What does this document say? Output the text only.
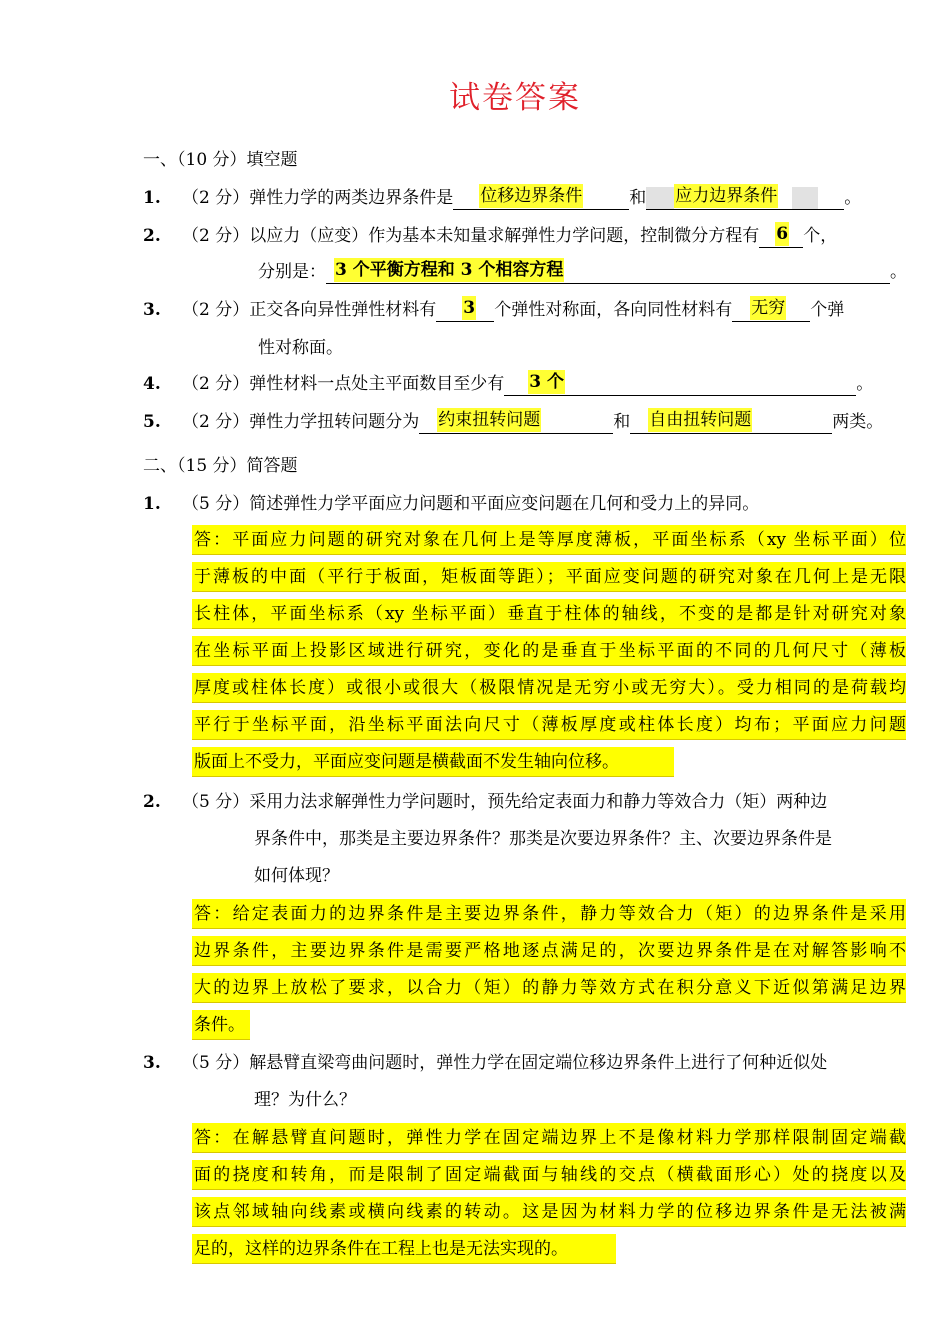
试卷答案
一、（10 分）填空题
1. （2 分）弹性力学的两类边界条件是 位移边界条件	和 应力边界条件	。
2. （2 分）以应力（应变）作为基本未知量求解弹性力学问题，控制微分方程有 6 个，
分别是： 3 个平衡方程和 3 个相容方程	。
3. （2 分）正交各向异性弹性材料有 3 个弹性对称面，各向同性材料有 无穷 个弹
性对称面。
4. （2 分）弹性材料一点处主平面数目至少有 3 个	。
5. （2 分）弹性力学扭转问题分为 约束扭转问题	和 自由扭转问题	两类。
二、（15 分）简答题
1. （5 分）简述弹性力学平面应力问题和平面应变问题在几何和受力上的异同。
答：平面应力问题的研究对象在几何上是等厚度薄板，平面坐标系（xy 坐标平面）位
于薄板的中面（平行于板面，矩板面等距）；平面应变问题的研究对象在几何上是无限
长柱体，平面坐标系（xy 坐标平面）垂直于柱体的轴线，不变的是都是针对研究对象
在坐标平面上投影区域进行研究，变化的是垂直于坐标平面的不同的几何尺寸（薄板
厚度或柱体长度）或很小或很大（极限情况是无穷小或无穷大）。受力相同的是荷载均
平行于坐标平面，沿坐标平面法向尺寸（薄板厚度或柱体长度）均布；平面应力问题
版面上不受力，平面应变问题是横截面不发生轴向位移。
2. （5 分）采用力法求解弹性力学问题时，预先给定表面力和静力等效合力（矩）两种边
界条件中，那类是主要边界条件？那类是次要边界条件？主、次要边界条件是
如何体现？
答：给定表面力的边界条件是主要边界条件，静力等效合力（矩）的边界条件是采用
边界条件，主要边界条件是需要严格地逐点满足的，次要边界条件是在对解答影响不
大的边界上放松了要求，以合力（矩）的静力等效方式在积分意义下近似第满足边界
条件。
3. （5 分）解悬臂直梁弯曲问题时，弹性力学在固定端位移边界条件上进行了何种近似处
理？为什么？
答：在解悬臂直问题时，弹性力学在固定端边界上不是像材料力学那样限制固定端截
面的挠度和转角，而是限制了固定端截面与轴线的交点（横截面形心）处的挠度以及
该点邻域轴向线素或横向线素的转动。这是因为材料力学的位移边界条件是无法被满
足的，这样的边界条件在工程上也是无法实现的。
